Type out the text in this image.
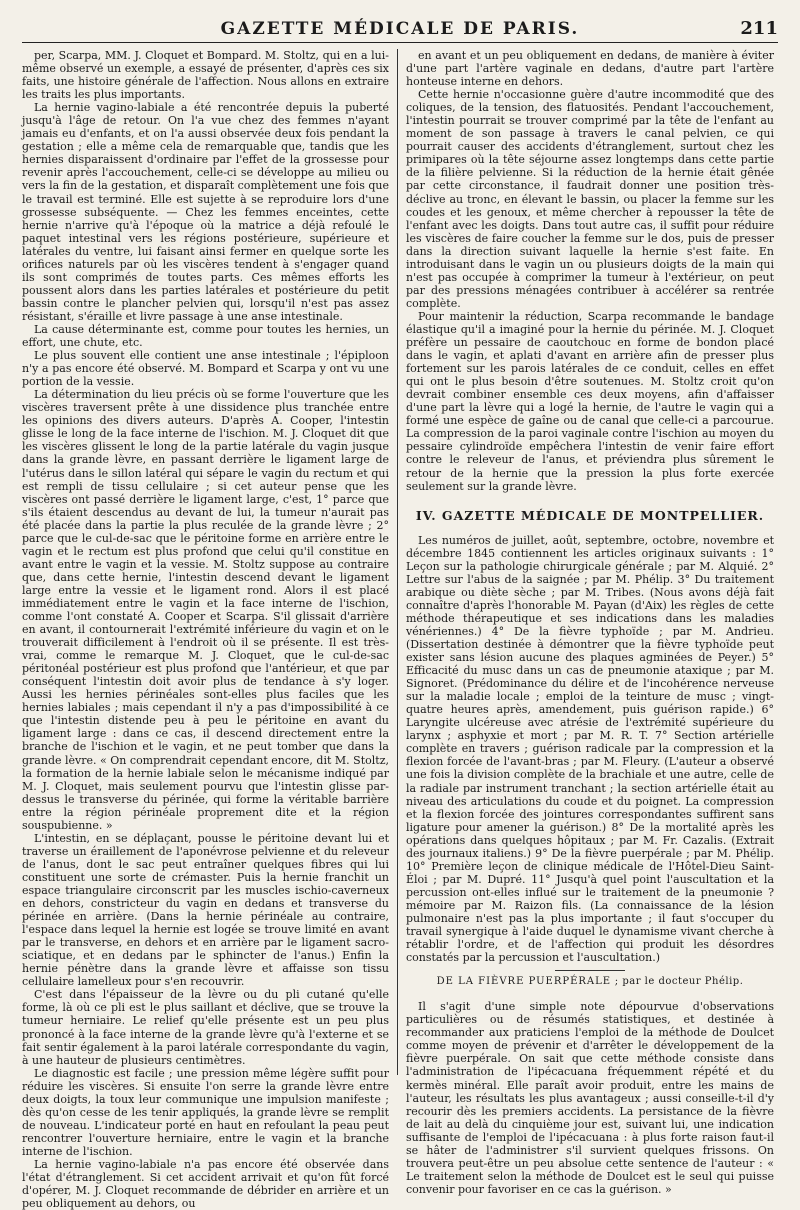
GAZETTE MÉDICALE DE PARIS.	211

per, Scarpa, MM. J. Cloquet et Bompard. M. Stoltz, qui en a lui-même observé un exemple, a essayé de présenter, d'après ces six faits, une histoire générale de l'affection. Nous allons en extraire les traits les plus importants.

La hernie vagino-labiale a été rencontrée depuis la puberté jusqu'à l'âge de retour. On l'a vue chez des femmes n'ayant jamais eu d'enfants, et on l'a aussi observée deux fois pendant la gestation ; elle a même cela de remarquable que, tandis que les hernies disparaissent d'ordinaire par l'effet de la grossesse pour revenir après l'accouchement, celle-ci se développe au milieu ou vers la fin de la gestation, et disparaît complètement une fois que le travail est terminé. Elle est sujette à se reproduire lors d'une grossesse subséquente. — Chez les femmes enceintes, cette hernie n'arrive qu'à l'époque où la matrice a déjà refoulé le paquet intestinal vers les régions postérieure, supérieure et latérales du ventre, lui faisant ainsi fermer en quelque sorte les orifices naturels par où les viscères tendent à s'engager quand ils sont comprimés de toutes parts. Ces mêmes efforts les poussent alors dans les parties latérales et postérieure du petit bassin contre le plancher pelvien qui, lorsqu'il n'est pas assez résistant, s'éraille et livre passage à une anse intestinale.

La cause déterminante est, comme pour toutes les hernies, un effort, une chute, etc.

Le plus souvent elle contient une anse intestinale ; l'épiploon n'y a pas encore été observé. M. Bompard et Scarpa y ont vu une portion de la vessie.

La détermination du lieu précis où se forme l'ouverture que les viscères traversent prête à une dissidence plus tranchée entre les opinions des divers auteurs. D'après A. Cooper, l'intestin glisse le long de la face interne de l'ischion. M. J. Cloquet dit que les viscères glissent le long de la partie latérale du vagin jusque dans la grande lèvre, en passant derrière le ligament large de l'utérus dans le sillon latéral qui sépare le vagin du rectum et qui est rempli de tissu cellulaire ; si cet auteur pense que les viscères ont passé derrière le ligament large, c'est, 1° parce que s'ils étaient descendus au devant de lui, la tumeur n'aurait pas été placée dans la partie la plus reculée de la grande lèvre ; 2° parce que le cul-de-sac que le péritoine forme en arrière entre le vagin et le rectum est plus profond que celui qu'il constitue en avant entre le vagin et la vessie. M. Stoltz suppose au contraire que, dans cette hernie, l'intestin descend devant le ligament large entre la vessie et le ligament rond. Alors il est placé immédiatement entre le vagin et la face interne de l'ischion, comme l'ont constaté A. Cooper et Scarpa. S'il glissait d'arrière en avant, il contournerait l'extrémité inférieure du vagin et on le trouverait difficilement à l'endroit où il se présente. Il est très-vrai, comme le remarque M. J. Cloquet, que le cul-de-sac péritonéal postérieur est plus profond que l'antérieur, et que par conséquent l'intestin doit avoir plus de tendance à s'y loger. Aussi les hernies périnéales sont-elles plus faciles que les hernies labiales ; mais cependant il n'y a pas d'impossibilité à ce que l'intestin distende peu à peu le péritoine en avant du ligament large : dans ce cas, il descend directement entre la branche de l'ischion et le vagin, et ne peut tomber que dans la grande lèvre. « On comprendrait cependant encore, dit M. Stoltz, la formation de la hernie labiale selon le mécanisme indiqué par M. J. Cloquet, mais seulement pourvu que l'intestin glisse par-dessus le transverse du périnée, qui forme la véritable barrière entre la région périnéale proprement dite et la région souspubienne. »

L'intestin, en se déplaçant, pousse le péritoine devant lui et traverse un éraillement de l'aponévrose pelvienne et du releveur de l'anus, dont le sac peut entraîner quelques fibres qui lui constituent une sorte de crémaster. Puis la hernie franchit un espace triangulaire circonscrit par les muscles ischio-caverneux en dehors, constricteur du vagin en dedans et transverse du périnée en arrière. (Dans la hernie périnéale au contraire, l'espace dans lequel la hernie est logée se trouve limité en avant par le transverse, en dehors et en arrière par le ligament sacro-sciatique, et en dedans par le sphincter de l'anus.) Enfin la hernie pénètre dans la grande lèvre et affaisse son tissu cellulaire lamelleux pour s'en recouvrir.

C'est dans l'épaisseur de la lèvre ou du pli cutané qu'elle forme, là où ce pli est le plus saillant et déclive, que se trouve la tumeur herniaire. Le relief qu'elle présente est un peu plus prononcé à la face interne de la grande lèvre qu'à l'externe et se fait sentir également à la paroi latérale correspondante du vagin, à une hauteur de plusieurs centimètres.

Le diagnostic est facile ; une pression même légère suffit pour réduire les viscères. Si ensuite l'on serre la grande lèvre entre deux doigts, la toux leur communique une impulsion manifeste ; dès qu'on cesse de les tenir appliqués, la grande lèvre se remplit de nouveau. L'indicateur porté en haut en refoulant la peau peut rencontrer l'ouverture herniaire, entre le vagin et la branche interne de l'ischion.

La hernie vagino-labiale n'a pas encore été observée dans l'état d'étranglement. Si cet accident arrivait et qu'on fût forcé d'opérer, M. J. Cloquet recommande de débrider en arrière et un peu obliquement au dehors, ou

en avant et un peu obliquement en dedans, de manière à éviter d'une part l'artère vaginale en dedans, d'autre part l'artère honteuse interne en dehors.

Cette hernie n'occasionne guère d'autre incommodité que des coliques, de la tension, des flatuosités. Pendant l'accouchement, l'intestin pourrait se trouver comprimé par la tête de l'enfant au moment de son passage à travers le canal pelvien, ce qui pourrait causer des accidents d'étranglement, surtout chez les primipares où la tête séjourne assez longtemps dans cette partie de la filière pelvienne. Si la réduction de la hernie était gênée par cette circonstance, il faudrait donner une position très-déclive au tronc, en élevant le bassin, ou placer la femme sur les coudes et les genoux, et même chercher à repousser la tête de l'enfant avec les doigts. Dans tout autre cas, il suffit pour réduire les viscères de faire coucher la femme sur le dos, puis de presser dans la direction suivant laquelle la hernie s'est faite. En introduisant dans le vagin un ou plusieurs doigts de la main qui n'est pas occupée à comprimer la tumeur à l'extérieur, on peut par des pressions ménagées contribuer à accélérer sa rentrée complète.

Pour maintenir la réduction, Scarpa recommande le bandage élastique qu'il a imaginé pour la hernie du périnée. M. J. Cloquet préfère un pessaire de caoutchouc en forme de bondon placé dans le vagin, et aplati d'avant en arrière afin de presser plus fortement sur les parois latérales de ce conduit, celles en effet qui ont le plus besoin d'être soutenues. M. Stoltz croit qu'on devrait combiner ensemble ces deux moyens, afin d'affaisser d'une part la lèvre qui a logé la hernie, de l'autre le vagin qui a formé une espèce de gaîne ou de canal que celle-ci a parcourue. La compression de la paroi vaginale contre l'ischion au moyen du pessaire cylindroïde empêchera l'intestin de venir faire effort contre le releveur de l'anus, et préviendra plus sûrement le retour de la hernie que la pression la plus forte exercée seulement sur la grande lèvre.

IV. GAZETTE MÉDICALE DE MONTPELLIER.

Les numéros de juillet, août, septembre, octobre, novembre et décembre 1845 contiennent les articles originaux suivants : 1° Leçon sur la pathologie chirurgicale générale ; par M. Alquié. 2° Lettre sur l'abus de la saignée ; par M. Phélip. 3° Du traitement arabique ou diète sèche ; par M. Tribes. (Nous avons déjà fait connaître d'après l'honorable M. Payan (d'Aix) les règles de cette méthode thérapeutique et ses indications dans les maladies vénériennes.) 4° De la fièvre typhoïde ; par M. Andrieu. (Dissertation destinée à démontrer que la fièvre typhoïde peut exister sans lésion aucune des plaques agminées de Peyer.) 5° Efficacité du musc dans un cas de pneumonie ataxique ; par M. Signoret. (Prédominance du délire et de l'incohérence nerveuse sur la maladie locale ; emploi de la teinture de musc ; vingt-quatre heures après, amendement, puis guérison rapide.) 6° Laryngite ulcéreuse avec atrésie de l'extrémité supérieure du larynx ; asphyxie et mort ; par M. R. T. 7° Section artérielle complète en travers ; guérison radicale par la compression et la flexion forcée de l'avant-bras ; par M. Fleury. (L'auteur a observé une fois la division complète de la brachiale et une autre, celle de la radiale par instrument tranchant ; la section artérielle était au niveau des articulations du coude et du poignet. La compression et la flexion forcée des jointures correspondantes suffirent sans ligature pour amener la guérison.) 8° De la mortalité après les opérations dans quelques hôpitaux ; par M. Fr. Cazalis. (Extrait des journaux italiens.) 9° De la fièvre puerpérale ; par M. Phélip. 10° Première leçon de clinique médicale de l'Hôtel-Dieu Saint-Éloi ; par M. Dupré. 11° Jusqu'à quel point l'auscultation et la percussion ont-elles influé sur le traitement de la pneumonie ? mémoire par M. Raizon fils. (La connaissance de la lésion pulmonaire n'est pas la plus importante ; il faut s'occuper du travail synergique à l'aide duquel le dynamisme vivant cherche à rétablir l'ordre, et de l'affection qui produit les désordres constatés par la percussion et l'auscultation.)

DE LA FIÈVRE PUERPÉRALE ; par le docteur Phélip.

Il s'agit d'une simple note dépourvue d'observations particulières ou de résumés statistiques, et destinée à recommander aux praticiens l'emploi de la méthode de Doulcet comme moyen de prévenir et d'arrêter le développement de la fièvre puerpérale. On sait que cette méthode consiste dans l'administration de l'ipécacuana fréquemment répété et du kermès minéral. Elle paraît avoir produit, entre les mains de l'auteur, les résultats les plus avantageux ; aussi conseille-t-il d'y recourir dès les premiers accidents. La persistance de la fièvre de lait au delà du cinquième jour est, suivant lui, une indication suffisante de l'emploi de l'ipécacuana : à plus forte raison faut-il se hâter de l'administrer s'il survient quelques frissons. On trouvera peut-être un peu absolue cette sentence de l'auteur : « Le traitement selon la méthode de Doulcet est le seul qui puisse convenir pour favoriser en ce cas la guérison. »
